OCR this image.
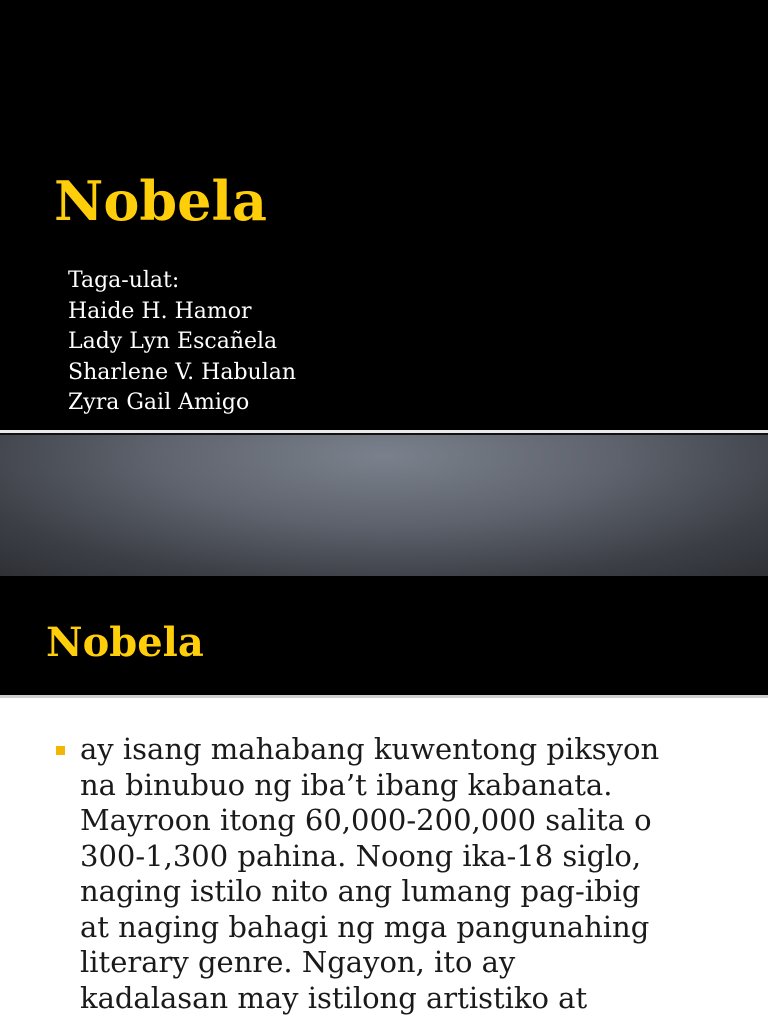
Nobela
Taga-ulat:
Haide H. Hamor
Lady Lyn Escañela
Sharlene V. Habulan
Zyra Gail Amigo
Nobela
ay isang mahabang kuwentong piksyon
na binubuo ng iba’t ibang kabanata.
Mayroon itong 60,000-200,000 salita o
300-1,300 pahina. Noong ika-18 siglo,
naging istilo nito ang lumang pag-ibig
at naging bahagi ng mga pangunahing
literary genre. Ngayon, ito ay
kadalasan may istilong artistiko at
